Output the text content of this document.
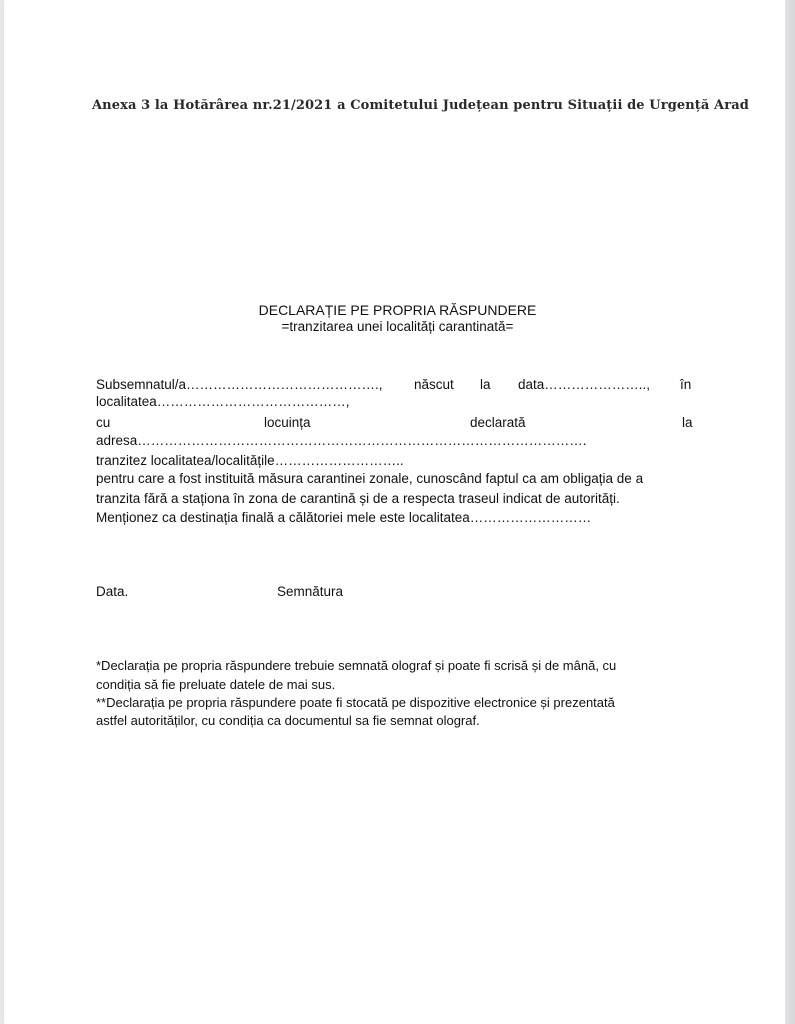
Anexa 3 la Hotărârea nr.21/2021 a Comitetului Județean pentru Situații de Urgență Arad
DECLARAȚIE PE PROPRIA RĂSPUNDERE
=tranzitarea unei localități carantinată=
Subsemnatul/a……………………………………., născut la data………………….., în
localitatea……………………………………,
cu	locuința	declarată	la
adresa……………………………………………………………………………………….
tranzitez localitatea/localitățile………………………..
pentru care a fost instituită măsura carantinei zonale, cunoscând faptul ca am obligația de a
tranzita fără a staționa în zona de carantină și de a respecta traseul indicat de autorități.
Menționez ca destinația finală a călătoriei mele este localitatea………………………
Data.	Semnătura
*Declarația pe propria răspundere trebuie semnată olograf și poate fi scrisă și de mână, cu
condiția să fie preluate datele de mai sus.
**Declarația pe propria răspundere poate fi stocată pe dispozitive electronice și prezentată
astfel autorităților, cu condiția ca documentul sa fie semnat olograf.
